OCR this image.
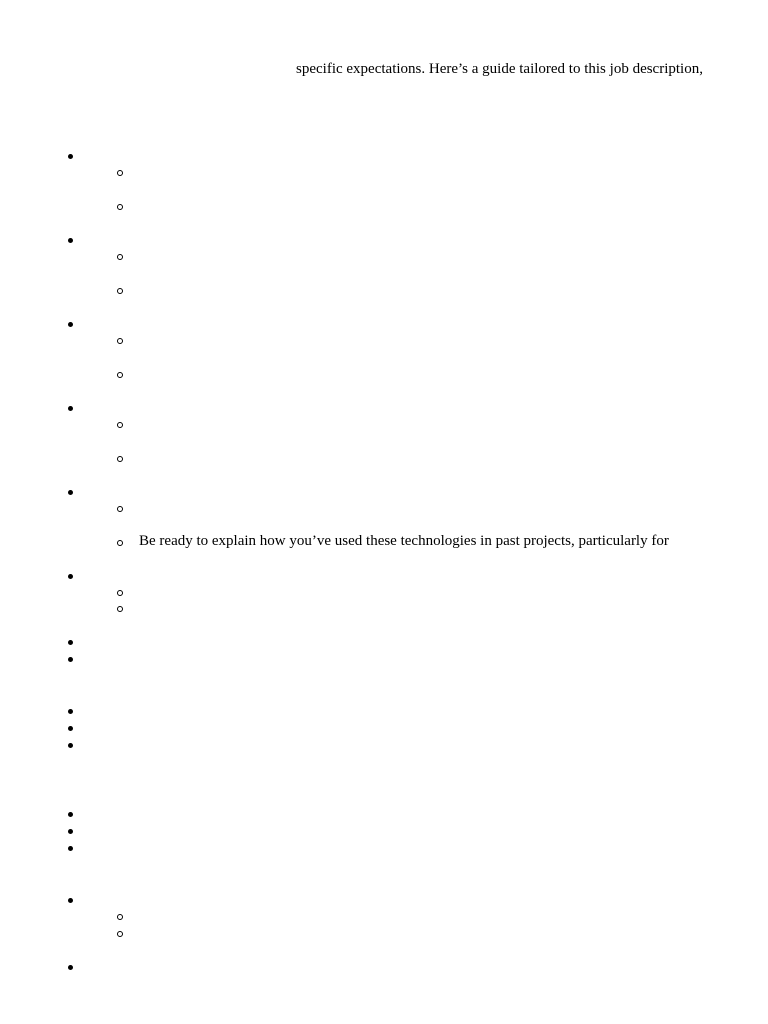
specific expectations. Here’s a guide tailored to this job description,
Be ready to explain how you’ve used these technologies in past projects, particularly for
